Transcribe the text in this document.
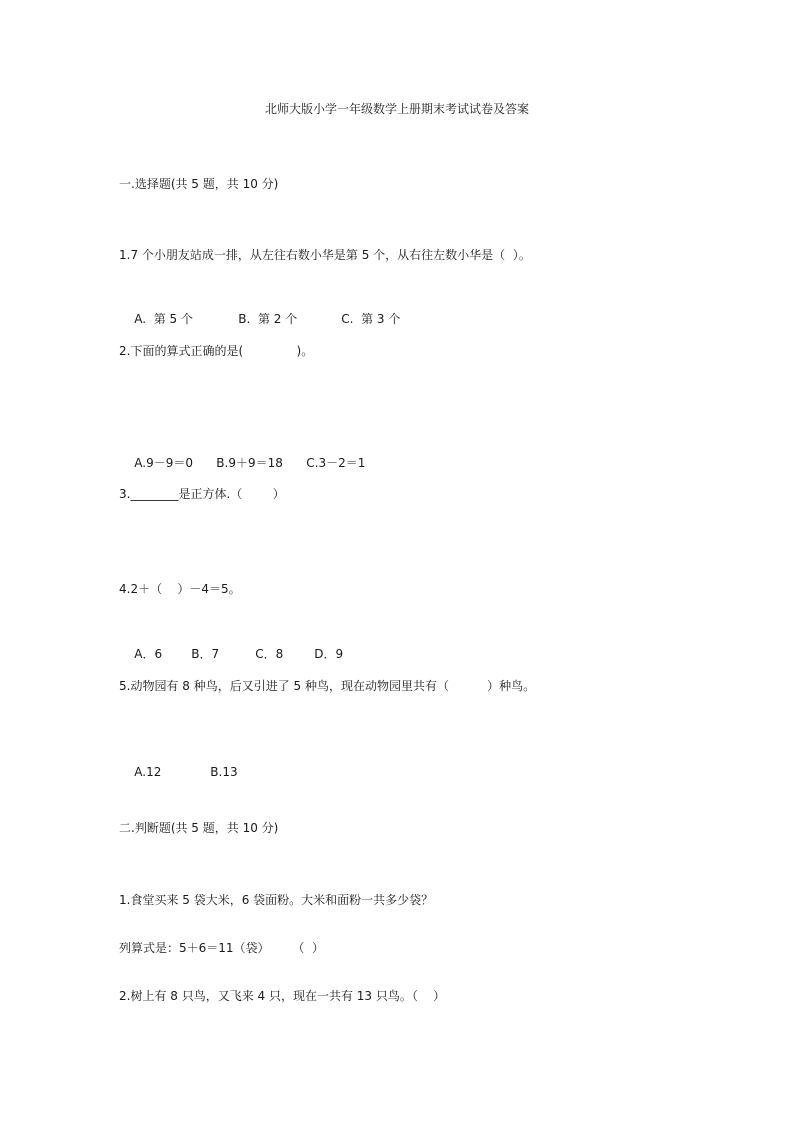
北师大版小学一年级数学上册期末考试试卷及答案
一.选择题(共 5 题，共 10 分)
1.7 个小朋友站成一排，从左往右数小华是第 5 个，从右往左数小华是（  ）。

A.  第 5 个	B.  第 2 个	C.  第 3 个

2.下面的算式正确的是(              )。

A.9－9＝0 B.9＋9＝18 C.3－2＝1

3.________是正方体.（        ）
4.2＋（    ）－4＝5。

A．6 B．7	C．8	D．9

5.动物园有 8 种鸟，后又引进了 5 种鸟，现在动物园里共有（          ）种鸟。

A.12	B.13

二.判断题(共 5 题，共 10 分)
1.食堂买来 5 袋大米，6 袋面粉。大米和面粉一共多少袋？
列算式是：5＋6＝11（袋）      （  ）
2.树上有 8 只鸟，又飞来 4 只，现在一共有 13 只鸟。（    ）
